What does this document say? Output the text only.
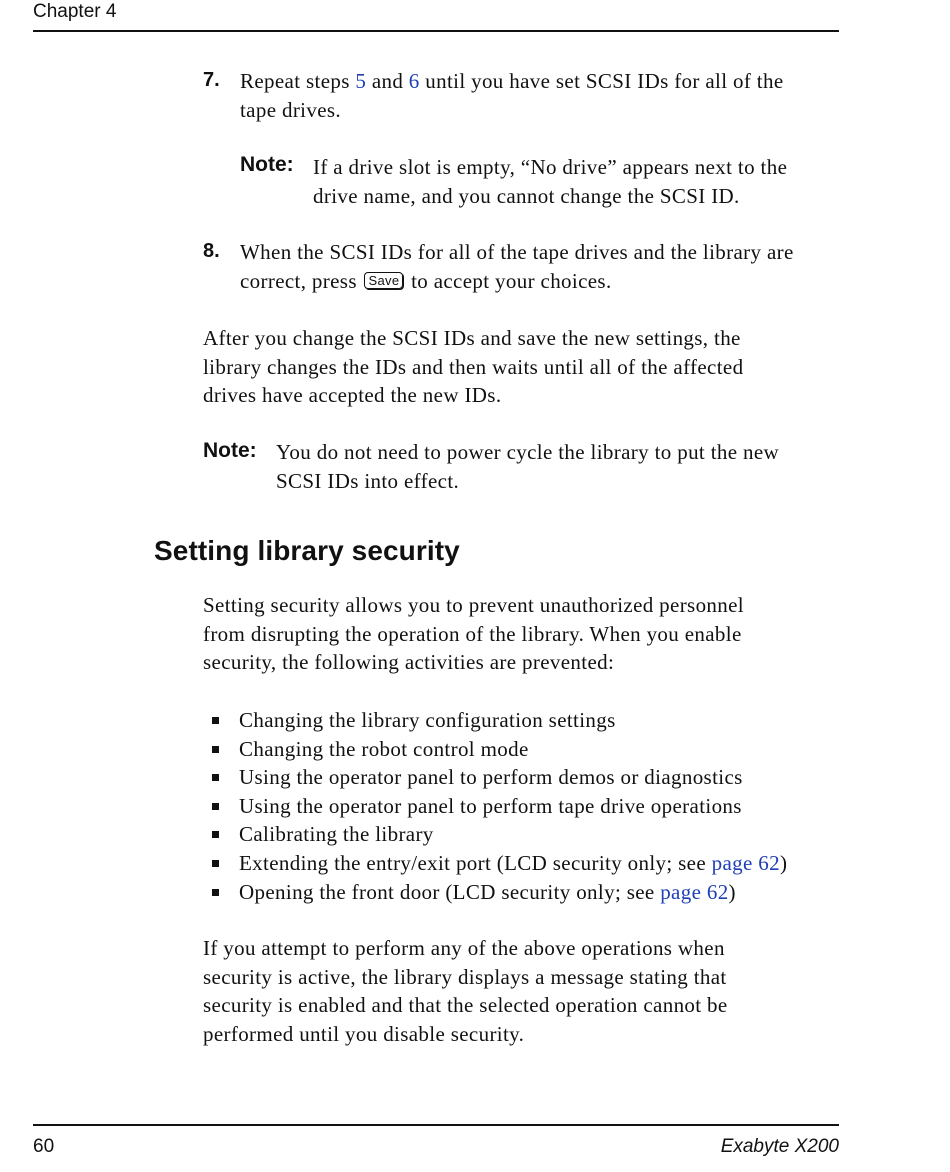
Chapter 4
7. Repeat steps 5 and 6 until you have set SCSI IDs for all of the
tape drives.

Note: If a drive slot is empty, “No drive” appears next to the
drive name, and you cannot change the SCSI ID.

8. When the SCSI IDs for all of the tape drives and the library are
correct, press Save to accept your choices.

After you change the SCSI IDs and save the new settings, the
library changes the IDs and then waits until all of the affected
drives have accepted the new IDs.

Note: You do not need to power cycle the library to put the new
SCSI IDs into effect.

Setting library security

Setting security allows you to prevent unauthorized personnel
from disrupting the operation of the library. When you enable
security, the following activities are prevented:

Changing the library configuration settings
Changing the robot control mode
Using the operator panel to perform demos or diagnostics
Using the operator panel to perform tape drive operations
Calibrating the library
Extending the entry/exit port (LCD security only; see page 62)
Opening the front door (LCD security only; see page 62)

If you attempt to perform any of the above operations when
security is active, the library displays a message stating that
security is enabled and that the selected operation cannot be
performed until you disable security.

60	Exabyte X200
